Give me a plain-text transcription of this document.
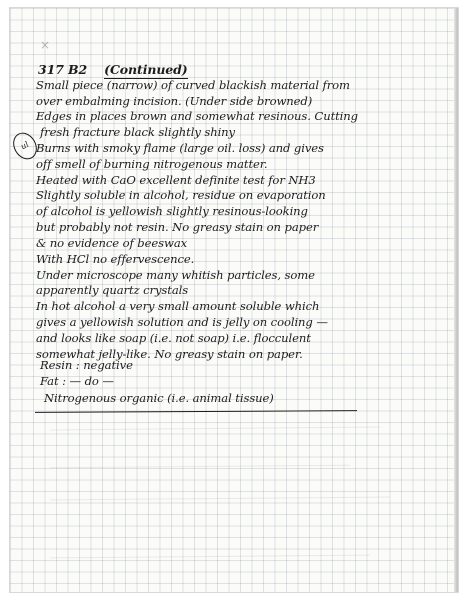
×
317 B2 (Continued)
ul
Small piece (narrow) of curved blackish material from
over embalming incision. (Under side browned)
Edges in places brown and somewhat resinous. Cutting
fresh fracture black slightly shiny
Burns with smoky flame (large oil. loss) and gives
off smell of burning nitrogenous matter.
Heated with CaO excellent definite test for NH3
Slightly soluble in alcohol, residue on evaporation
of alcohol is yellowish slightly resinous-looking
but probably not resin. No greasy stain on paper
& no evidence of beeswax
With HCl no effervescence.
Under microscope many whitish particles, some
apparently quartz crystals
In hot alcohol a very small amount soluble which
gives a yellowish solution and is jelly on cooling —
and looks like soap (i.e. not soap) i.e. flocculent
somewhat jelly-like. No greasy stain on paper.
Resin : negative
Fat : — do —
Nitrogenous organic (i.e. animal tissue)
